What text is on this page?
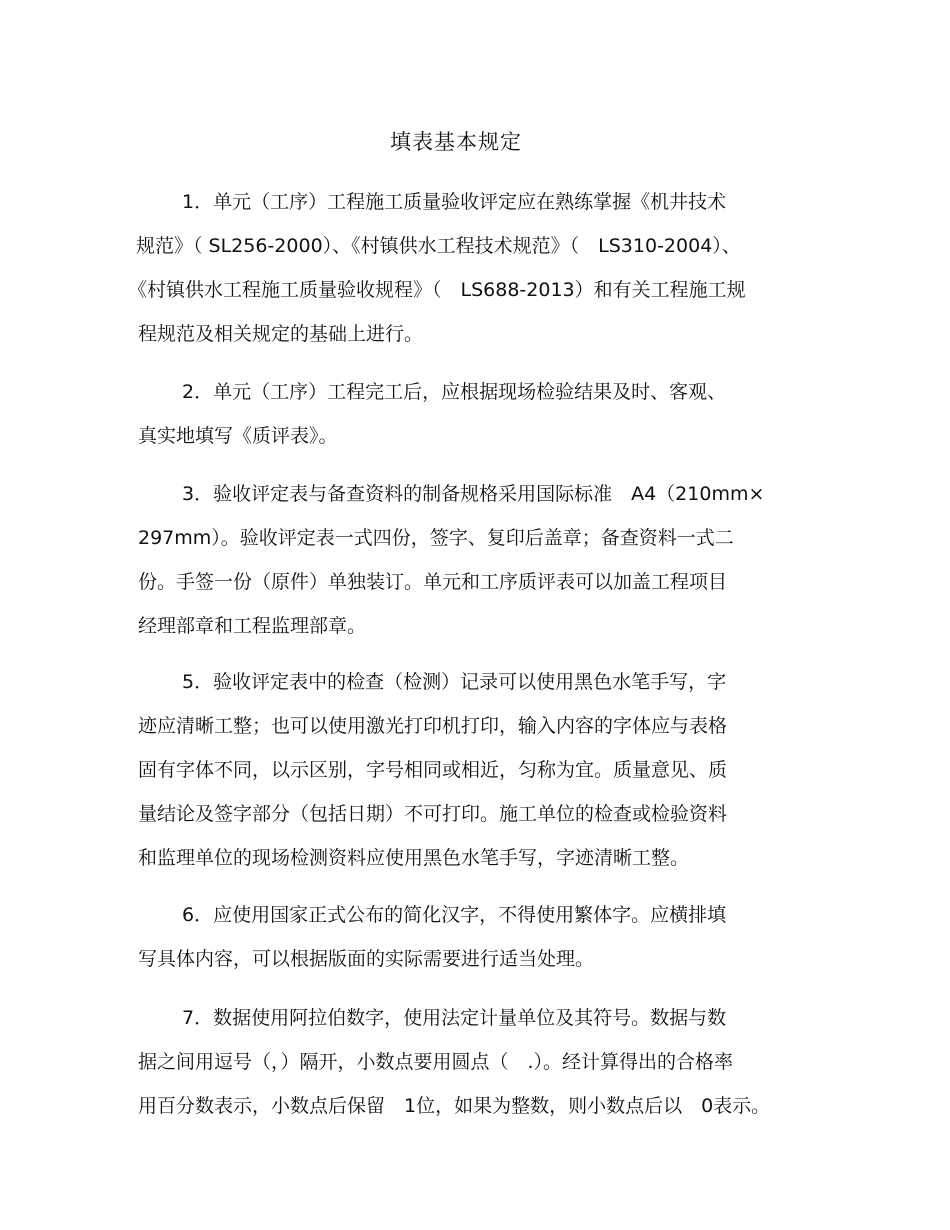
填表基本规定
1．单元（工序）工程施工质量验收评定应在熟练掌握《机井技术
规范》（ SL256-2000）、《村镇供水工程技术规范》（　LS310-2004）、
《村镇供水工程施工质量验收规程》（　LS688-2013）和有关工程施工规
程规范及相关规定的基础上进行。
2．单元（工序）工程完工后，应根据现场检验结果及时、客观、
真实地填写《质评表》。
3．验收评定表与备查资料的制备规格采用国际标准　A4（210mm×
297mm）。验收评定表一式四份，签字、复印后盖章；备查资料一式二
份。手签一份（原件）单独装订。单元和工序质评表可以加盖工程项目
经理部章和工程监理部章。
5．验收评定表中的检查（检测）记录可以使用黑色水笔手写，字
迹应清晰工整；也可以使用激光打印机打印，输入内容的字体应与表格
固有字体不同，以示区别，字号相同或相近，匀称为宜。质量意见、质
量结论及签字部分（包括日期）不可打印。施工单位的检查或检验资料
和监理单位的现场检测资料应使用黑色水笔手写，字迹清晰工整。
6．应使用国家正式公布的简化汉字，不得使用繁体字。应横排填
写具体内容，可以根据版面的实际需要进行适当处理。
7．数据使用阿拉伯数字，使用法定计量单位及其符号。数据与数
据之间用逗号（，）隔开，小数点要用圆点（　.）。经计算得出的合格率
用百分数表示，小数点后保留　1位，如果为整数，则小数点后以　0表示。
